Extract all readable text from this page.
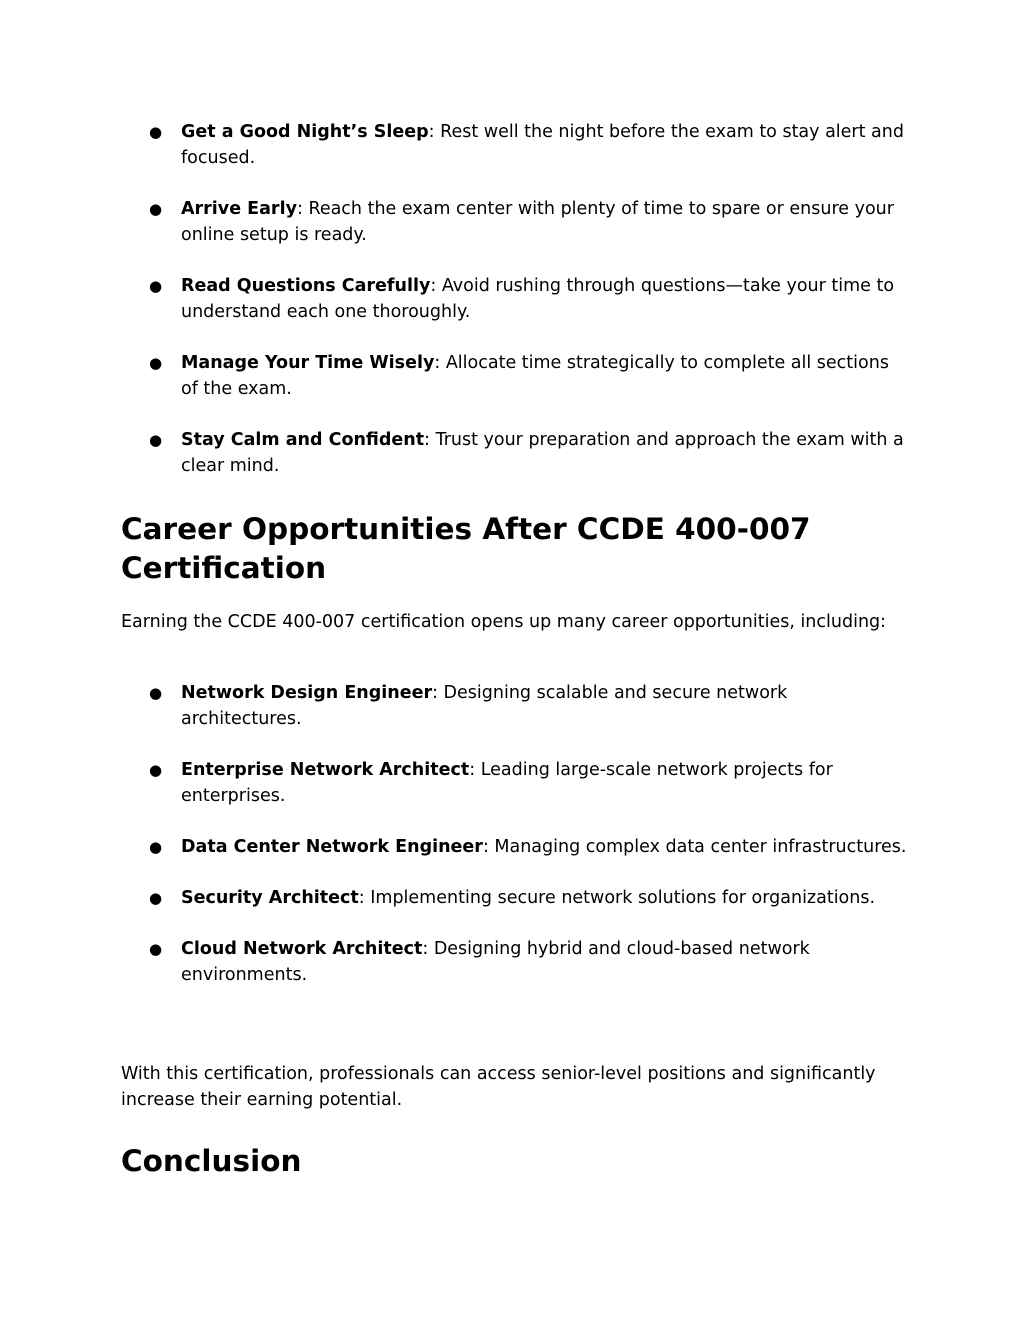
●	Get a Good Night’s Sleep: Rest well the night before the exam to stay alert and focused.
●	Arrive Early: Reach the exam center with plenty of time to spare or ensure your online setup is ready.
●	Read Questions Carefully: Avoid rushing through questions—take your time to understand each one thoroughly.
●	Manage Your Time Wisely: Allocate time strategically to complete all sections of the exam.
●	Stay Calm and Confident: Trust your preparation and approach the exam with a clear mind.
Career Opportunities After CCDE 400-007 Certification

Earning the CCDE 400-007 certification opens up many career opportunities, including:

●	Network Design Engineer: Designing scalable and secure network architectures.
●	Enterprise Network Architect: Leading large-scale network projects for enterprises.
●	Data Center Network Engineer: Managing complex data center infrastructures.
●	Security Architect: Implementing secure network solutions for organizations.
●	Cloud Network Architect: Designing hybrid and cloud-based network environments.

With this certification, professionals can access senior-level positions and significantly increase their earning potential.

Conclusion
